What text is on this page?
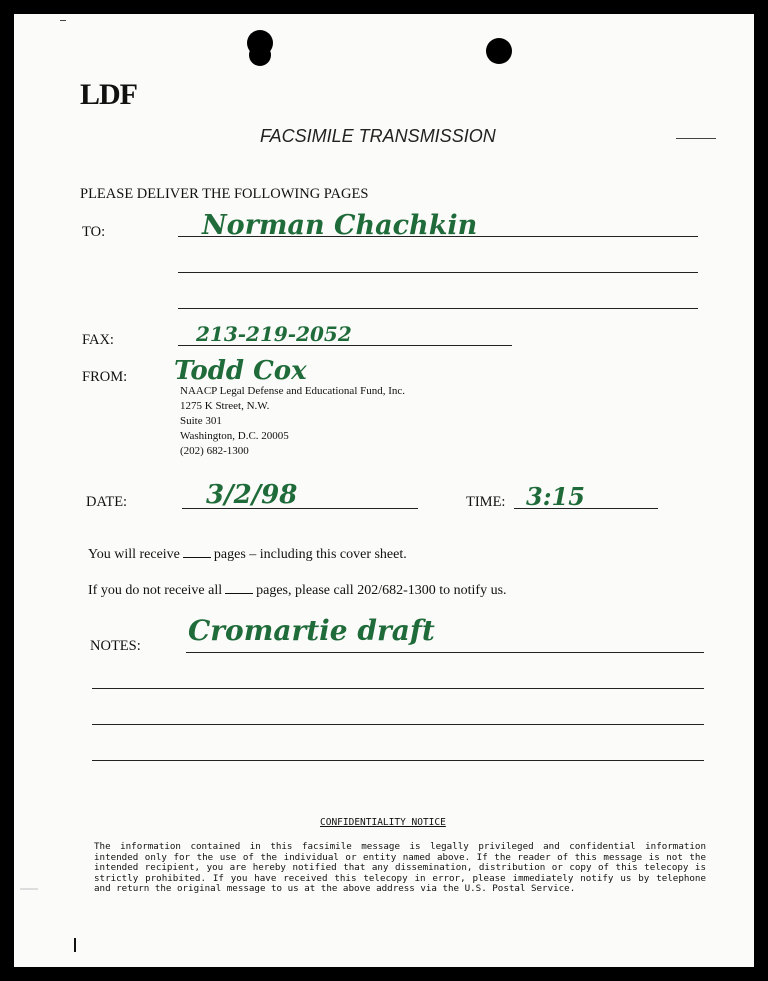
LDF
FACSIMILE TRANSMISSION
PLEASE DELIVER THE FOLLOWING PAGES
TO:	Norman Chachkin
FAX:	213-219-2052
FROM: Todd Cox
NAACP Legal Defense and Educational Fund, Inc.
1275 K Street, N.W.
Suite 301
Washington, D.C. 20005
(202) 682-1300
DATE:	3/2/98	TIME: 3:15
You will receive pages – including this cover sheet.
If you do not receive all pages, please call 202/682-1300 to notify us.
NOTES: Cromartie draft
CONFIDENTIALITY NOTICE
The information contained in this facsimile message is legally privileged and confidential information intended only for the use of the individual or entity named above. If the reader of this message is not the intended recipient, you are hereby notified that any dissemination, distribution or copy of this telecopy is strictly prohibited. If you have received this telecopy in error, please immediately notify us by telephone and return the original message to us at the above address via the U.S. Postal Service.
